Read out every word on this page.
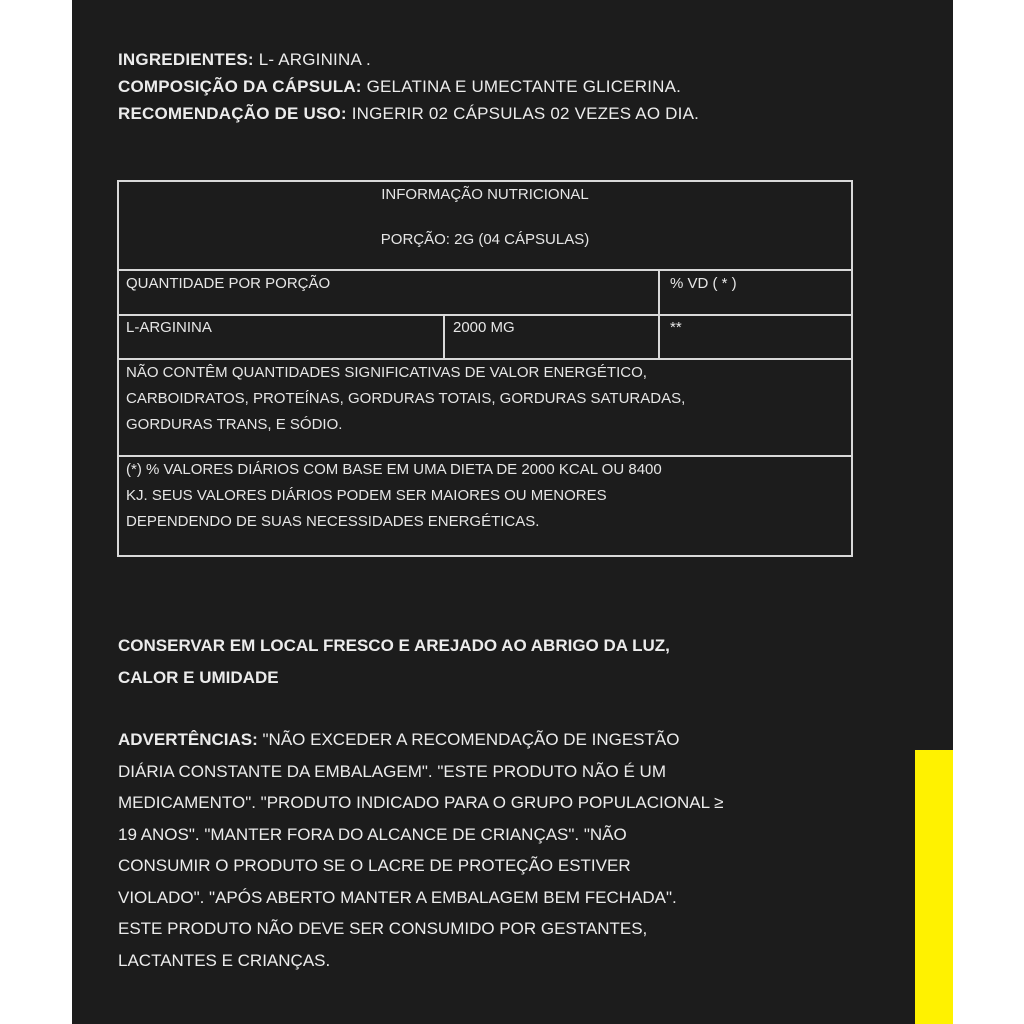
INGREDIENTES: L- ARGININA .
COMPOSIÇÃO DA CÁPSULA: GELATINA E UMECTANTE GLICERINA.
RECOMENDAÇÃO DE USO: INGERIR 02 CÁPSULAS 02 VEZES AO DIA.
INFORMAÇÃO NUTRICIONAL
PORÇÃO: 2G (04 CÁPSULAS)
QUANTIDADE POR PORÇÃO	% VD ( * )
L-ARGININA	2000 MG	**
NÃO CONTÊM QUANTIDADES SIGNIFICATIVAS DE VALOR ENERGÉTICO,
CARBOIDRATOS, PROTEÍNAS, GORDURAS TOTAIS, GORDURAS SATURADAS,
GORDURAS TRANS, E SÓDIO.
(*) % VALORES DIÁRIOS COM BASE EM UMA DIETA DE 2000 KCAL OU 8400
KJ. SEUS VALORES DIÁRIOS PODEM SER MAIORES OU MENORES
DEPENDENDO DE SUAS NECESSIDADES ENERGÉTICAS.
CONSERVAR EM LOCAL FRESCO E AREJADO AO ABRIGO DA LUZ,
CALOR E UMIDADE
ADVERTÊNCIAS: "NÃO EXCEDER A RECOMENDAÇÃO DE INGESTÃO
DIÁRIA CONSTANTE DA EMBALAGEM". "ESTE PRODUTO NÃO É UM
MEDICAMENTO". "PRODUTO INDICADO PARA O GRUPO POPULACIONAL ≥
19 ANOS". "MANTER FORA DO ALCANCE DE CRIANÇAS". "NÃO
CONSUMIR O PRODUTO SE O LACRE DE PROTEÇÃO ESTIVER
VIOLADO". "APÓS ABERTO MANTER A EMBALAGEM BEM FECHADA".
ESTE PRODUTO NÃO DEVE SER CONSUMIDO POR GESTANTES,
LACTANTES E CRIANÇAS.
